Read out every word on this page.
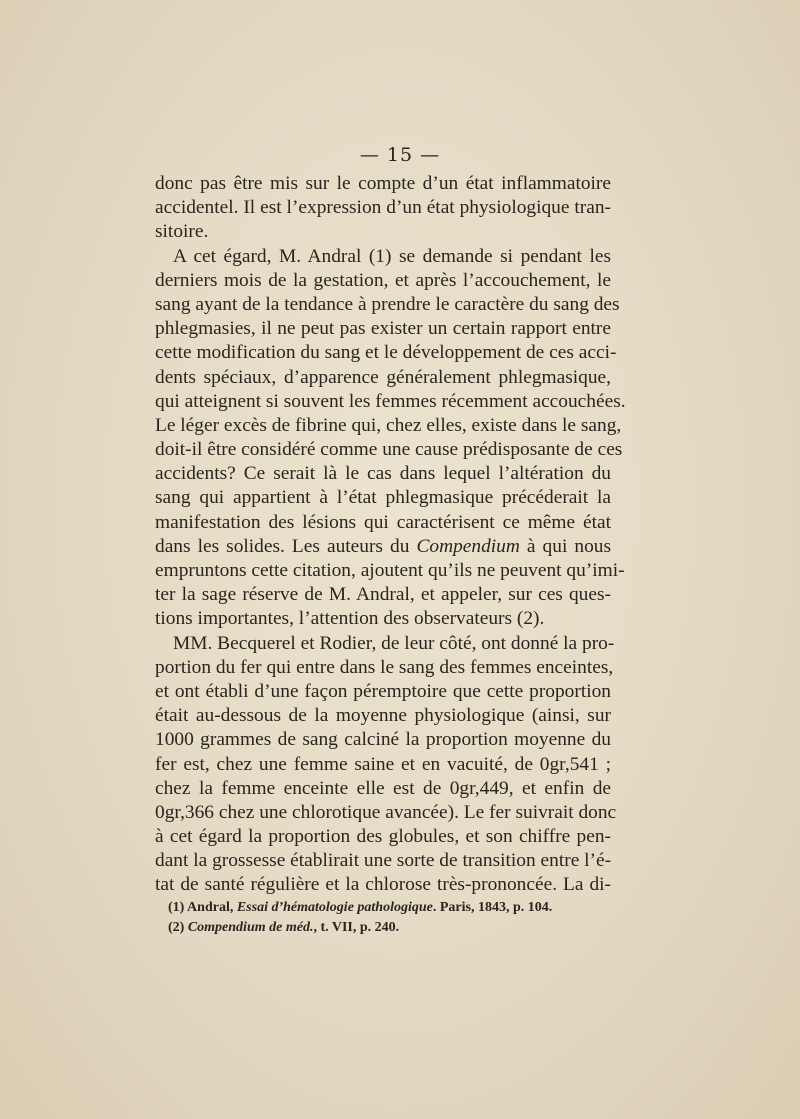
— 15 —
donc pas être mis sur le compte d’un état inflammatoire
accidentel. Il est l’expression d’un état physiologique tran-
sitoire.
A cet égard, M. Andral (1) se demande si pendant les
derniers mois de la gestation, et après l’accouchement, le
sang ayant de la tendance à prendre le caractère du sang des
phlegmasies, il ne peut pas exister un certain rapport entre
cette modification du sang et le développement de ces acci-
dents spéciaux, d’apparence généralement phlegmasique,
qui atteignent si souvent les femmes récemment accouchées.
Le léger excès de fibrine qui, chez elles, existe dans le sang,
doit-il être considéré comme une cause prédisposante de ces
accidents? Ce serait là le cas dans lequel l’altération du
sang qui appartient à l’état phlegmasique précéderait la
manifestation des lésions qui caractérisent ce même état
dans les solides. Les auteurs du Compendium à qui nous
empruntons cette citation, ajoutent qu’ils ne peuvent qu’imi-
ter la sage réserve de M. Andral, et appeler, sur ces ques-
tions importantes, l’attention des observateurs (2).
MM. Becquerel et Rodier, de leur côté, ont donné la pro-
portion du fer qui entre dans le sang des femmes enceintes,
et ont établi d’une façon péremptoire que cette proportion
était au-dessous de la moyenne physiologique (ainsi, sur
1000 grammes de sang calciné la proportion moyenne du
fer est, chez une femme saine et en vacuité, de 0gr,541 ;
chez la femme enceinte elle est de 0gr,449, et enfin de
0gr,366 chez une chlorotique avancée). Le fer suivrait donc
à cet égard la proportion des globules, et son chiffre pen-
dant la grossesse établirait une sorte de transition entre l’é-
tat de santé régulière et la chlorose très-prononcée. La di-
(1) Andral, Essai d’hématologie pathologique. Paris, 1843, p. 104.
(2) Compendium de méd., t. VII, p. 240.
